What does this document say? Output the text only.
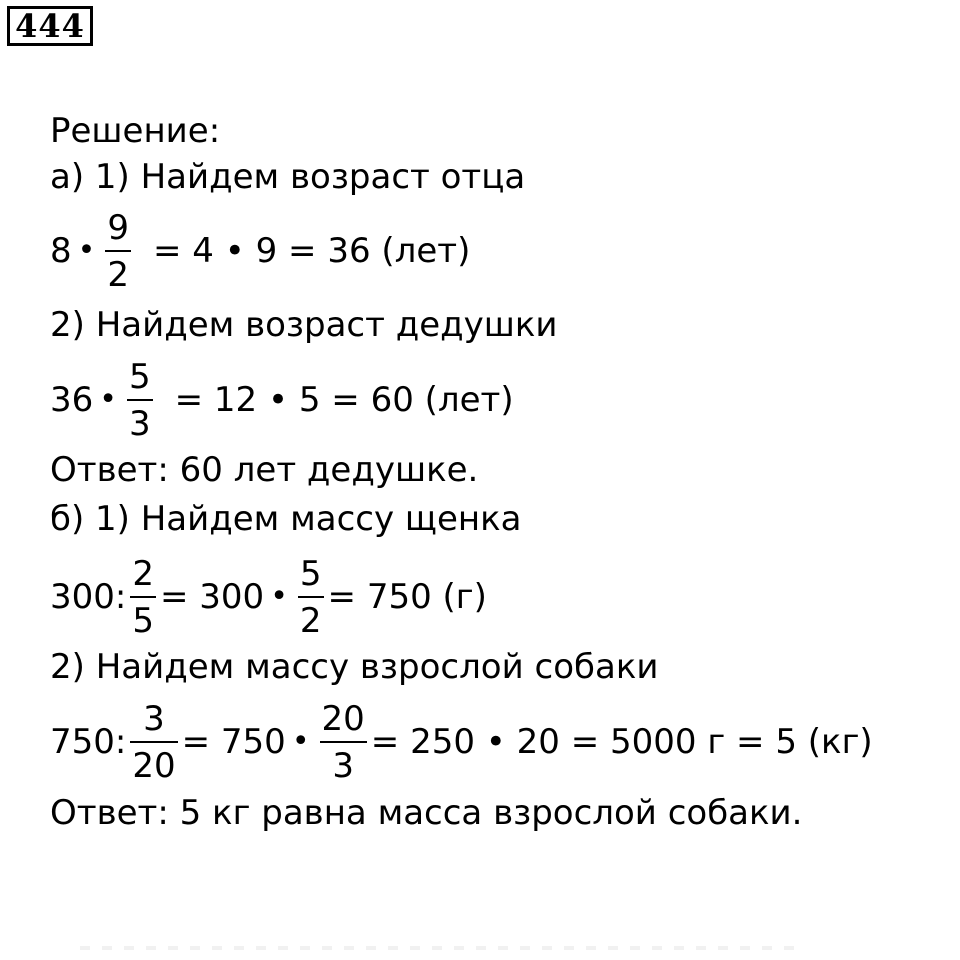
444
Решение:
а) 1) Найдем возраст отца
8 • $\frac{9}{2} = 4$ • 9 = 36 (лет)
2) Найдем возраст дедушки
36 • $\frac{5}{3} = 12$ • 5 = 60 (лет)
Ответ: 60 лет дедушке.
б) 1) Найдем массу щенка
300: $\frac{2}{5} = 300$ • $\frac{5}{2} = 750$ (г)
2) Найдем массу взрослой собаки
750: $\frac{3}{20} = 750$ • $\frac{20}{3} = 250$ • 20 = 5000 г = 5 (кг)
Ответ: 5 кг равна масса взрослой собаки.
